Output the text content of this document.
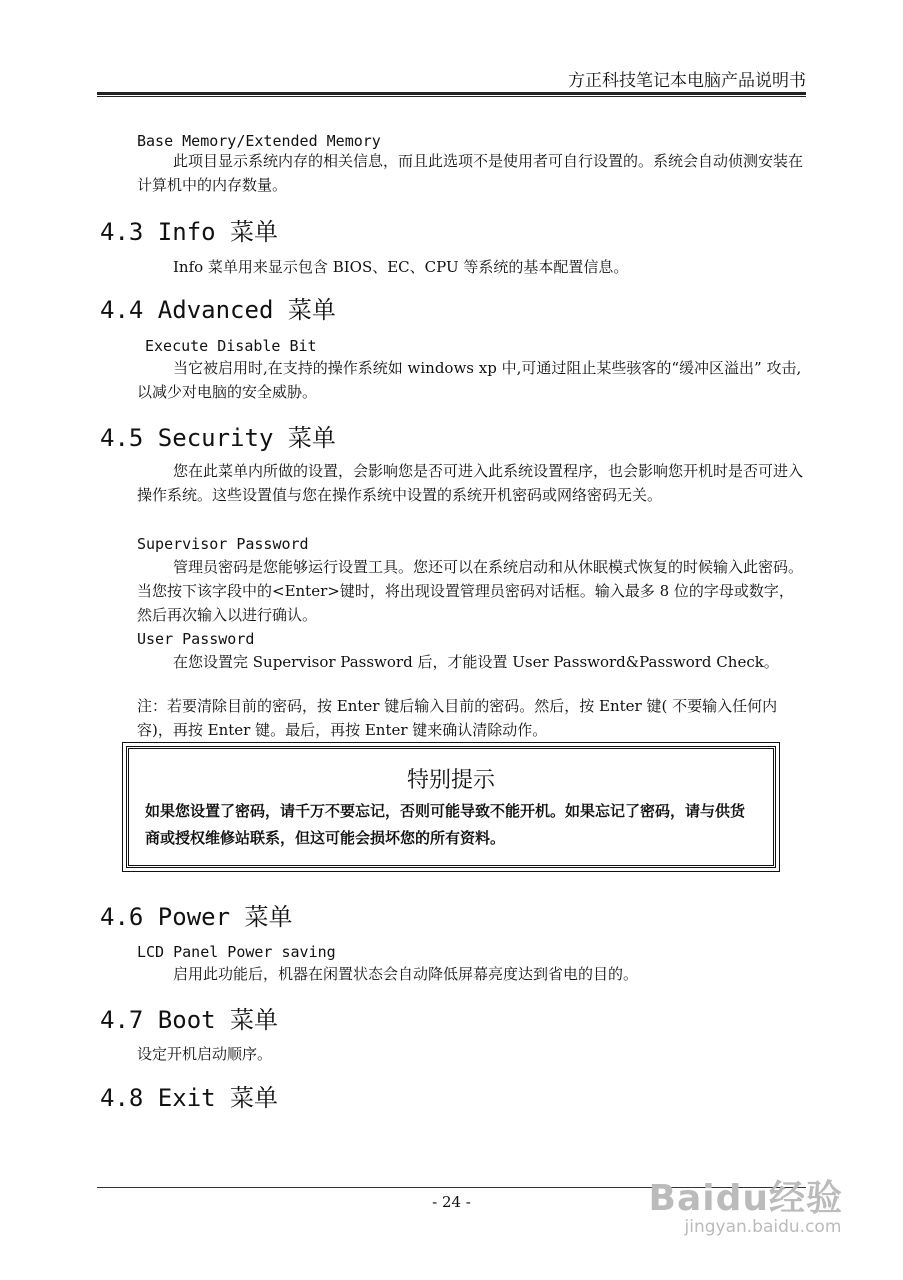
方正科技笔记本电脑产品说明书
Base Memory/Extended Memory
此项目显示系统内存的相关信息，而且此选项不是使用者可自行设置的。系统会自动侦测安装在计算机中的内存数量。
4.3 Info 菜单
Info 菜单用来显示包含 BIOS、EC、CPU 等系统的基本配置信息。
4.4 Advanced 菜单
Execute Disable Bit
当它被启用时,在支持的操作系统如 windows xp 中,可通过阻止某些骇客的“缓冲区溢出” 攻击,以减少对电脑的安全威胁。
4.5 Security 菜单
您在此菜单内所做的设置，会影响您是否可进入此系统设置程序，也会影响您开机时是否可进入操作系统。这些设置值与您在操作系统中设置的系统开机密码或网络密码无关。
Supervisor Password
管理员密码是您能够运行设置工具。您还可以在系统启动和从休眠模式恢复的时候输入此密码。当您按下该字段中的<Enter>键时，将出现设置管理员密码对话框。输入最多 8 位的字母或数字，然后再次输入以进行确认。
User Password
在您设置完 Supervisor Password 后，才能设置 User Password&Password Check。
注：若要清除目前的密码，按 Enter 键后输入目前的密码。然后，按 Enter 键( 不要输入任何内容)，再按 Enter 键。最后，再按 Enter 键来确认清除动作。
特别提示
如果您设置了密码，请千万不要忘记，否则可能导致不能开机。如果忘记了密码，请与供货商或授权维修站联系，但这可能会损坏您的所有资料。
4.6 Power 菜单
LCD Panel Power saving
启用此功能后，机器在闲置状态会自动降低屏幕亮度达到省电的目的。
4.7 Boot 菜单
设定开机启动顺序。
4.8 Exit 菜单
- 24 -	Baidu经验
jingyan.baidu.com
